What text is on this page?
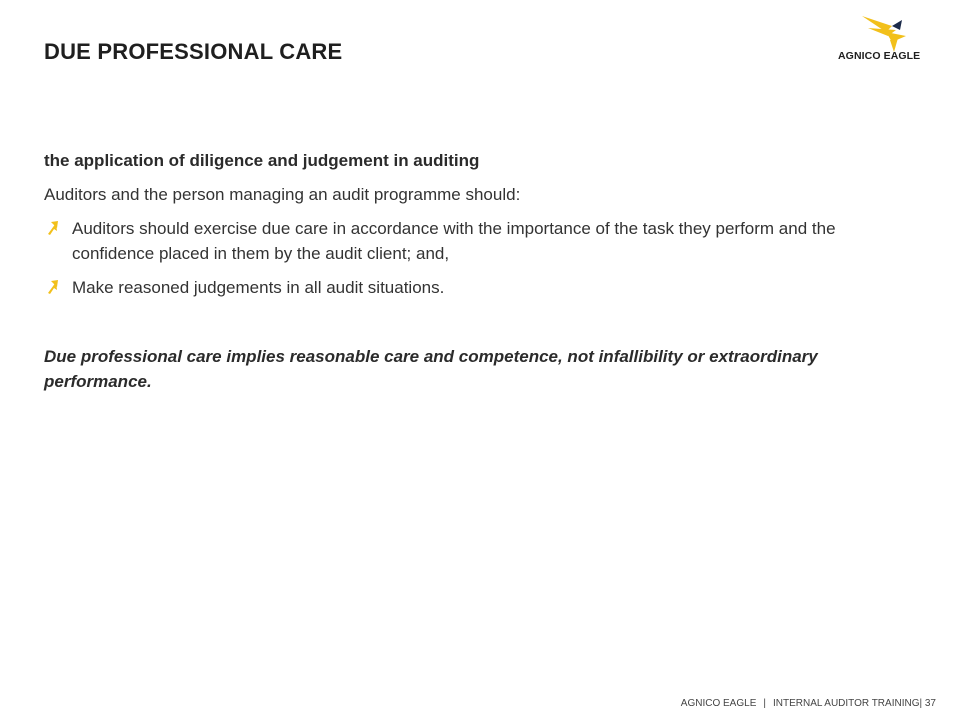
DUE PROFESSIONAL CARE	AGNICO EAGLE

the application of diligence and judgement in auditing

Auditors and the person managing an audit programme should:

Auditors should exercise due care in accordance with the importance of the task they perform and the confidence placed in them by the audit client; and,
Make reasoned judgements in all audit situations.

Due professional care implies reasonable care and competence, not infallibility or extraordinary performance.

AGNICO EAGLE | INTERNAL AUDITOR TRAINING| 37
